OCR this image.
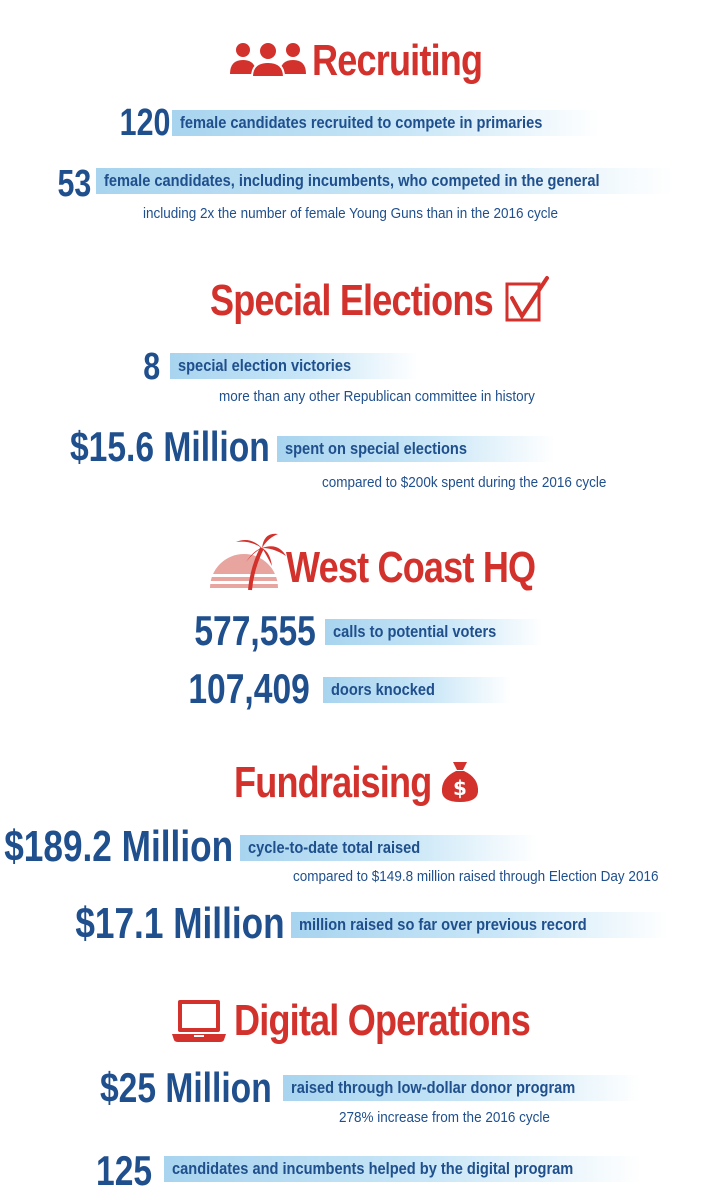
Recruiting
120 female candidates recruited to compete in primaries
53 female candidates, including incumbents, who competed in the general
including 2x the number of female Young Guns than in the 2016 cycle
Special Elections
8	special election victories
more than any other Republican committee in history
$15.6 Million spent on special elections
compared to $200k spent during the 2016 cycle
West Coast HQ
577,555	calls to potential voters
107,409	doors knocked
Fundraising $
$189.2 Million cycle-to-date total raised
compared to $149.8 million raised through Election Day 2016
$17.1 Million million raised so far over previous record
Digital Operations
$25 Million	raised through low-dollar donor program
278% increase from the 2016 cycle
125	candidates and incumbents helped by the digital program
